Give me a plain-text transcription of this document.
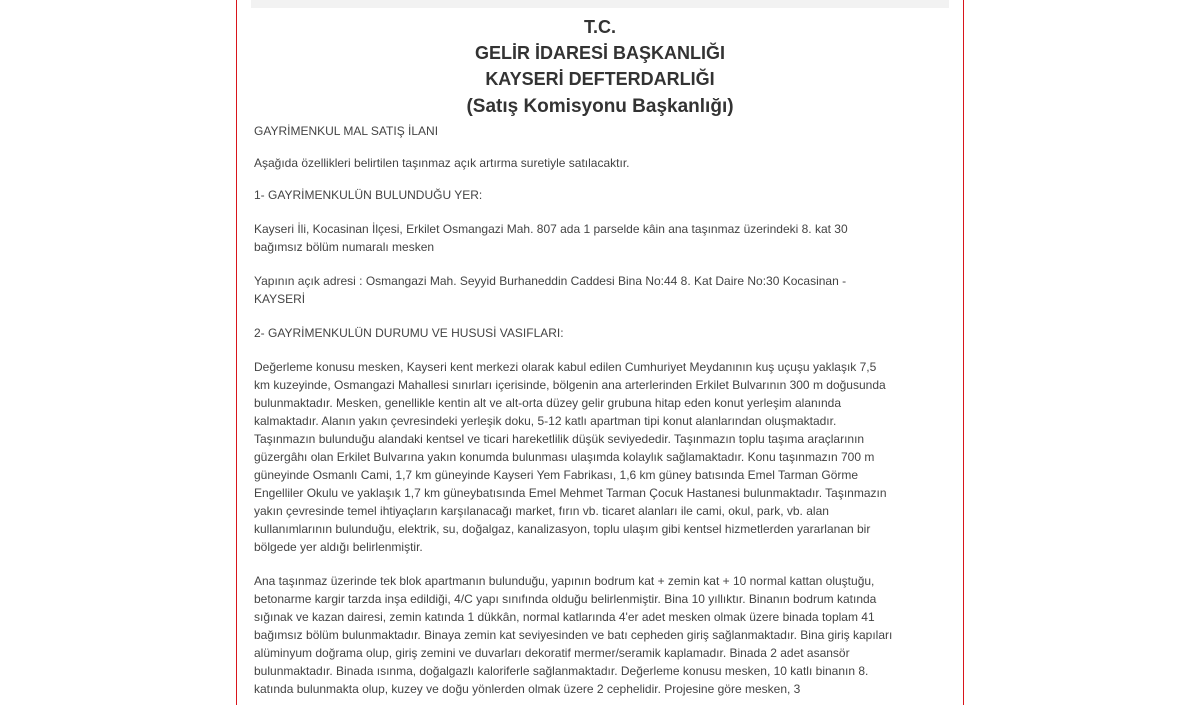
T.C.
GELİR İDARESİ BAŞKANLIĞI
KAYSERİ DEFTERDARLIĞI
(Satış Komisyonu Başkanlığı)

GAYRİMENKUL MAL SATIŞ İLANI

Aşağıda özellikleri belirtilen taşınmaz açık artırma suretiyle satılacaktır.

1- GAYRİMENKULÜN BULUNDUĞU YER:

Kayseri İli, Kocasinan İlçesi, Erkilet Osmangazi Mah. 807 ada 1 parselde kâin ana taşınmaz üzerindeki 8. kat 30 bağımsız bölüm numaralı mesken

Yapının açık adresi : Osmangazi Mah. Seyyid Burhaneddin Caddesi Bina No:44 8. Kat Daire No:30 Kocasinan - KAYSERİ

2- GAYRİMENKULÜN DURUMU VE HUSUSİ VASIFLARI:

Değerleme konusu mesken, Kayseri kent merkezi olarak kabul edilen Cumhuriyet Meydanının kuş uçuşu yaklaşık 7,5 km kuzeyinde, Osmangazi Mahallesi sınırları içerisinde, bölgenin ana arterlerinden Erkilet Bulvarının 300 m doğusunda bulunmaktadır. Mesken, genellikle kentin alt ve alt-orta düzey gelir grubuna hitap eden konut yerleşim alanında kalmaktadır. Alanın yakın çevresindeki yerleşik doku, 5-12 katlı apartman tipi konut alanlarından oluşmaktadır. Taşınmazın bulunduğu alandaki kentsel ve ticari hareketlilik düşük seviyededir. Taşınmazın toplu taşıma araçlarının güzergâhı olan Erkilet Bulvarına yakın konumda bulunması ulaşımda kolaylık sağlamaktadır. Konu taşınmazın 700 m güneyinde Osmanlı Cami, 1,7 km güneyinde Kayseri Yem Fabrikası, 1,6 km güney batısında Emel Tarman Görme Engelliler Okulu ve yaklaşık 1,7 km güneybatısında Emel Mehmet Tarman Çocuk Hastanesi bulunmaktadır. Taşınmazın yakın çevresinde temel ihtiyaçların karşılanacağı market, fırın vb. ticaret alanları ile cami, okul, park, vb. alan kullanımlarının bulunduğu, elektrik, su, doğalgaz, kanalizasyon, toplu ulaşım gibi kentsel hizmetlerden yararlanan bir bölgede yer aldığı belirlenmiştir.

Ana taşınmaz üzerinde tek blok apartmanın bulunduğu, yapının bodrum kat + zemin kat + 10 normal kattan oluştuğu, betonarme kargir tarzda inşa edildiği, 4/C yapı sınıfında olduğu belirlenmiştir. Bina 10 yıllıktır. Binanın bodrum katında sığınak ve kazan dairesi, zemin katında 1 dükkân, normal katlarında 4'er adet mesken olmak üzere binada toplam 41 bağımsız bölüm bulunmaktadır. Binaya zemin kat seviyesinden ve batı cepheden giriş sağlanmaktadır. Bina giriş kapıları alüminyum doğrama olup, giriş zemini ve duvarları dekoratif mermer/seramik kaplamadır. Binada 2 adet asansör bulunmaktadır. Binada ısınma, doğalgazlı kaloriferle sağlanmaktadır. Değerleme konusu mesken, 10 katlı binanın 8. katında bulunmakta olup, kuzey ve doğu yönlerden olmak üzere 2 cephelidir. Projesine göre mesken, 3
